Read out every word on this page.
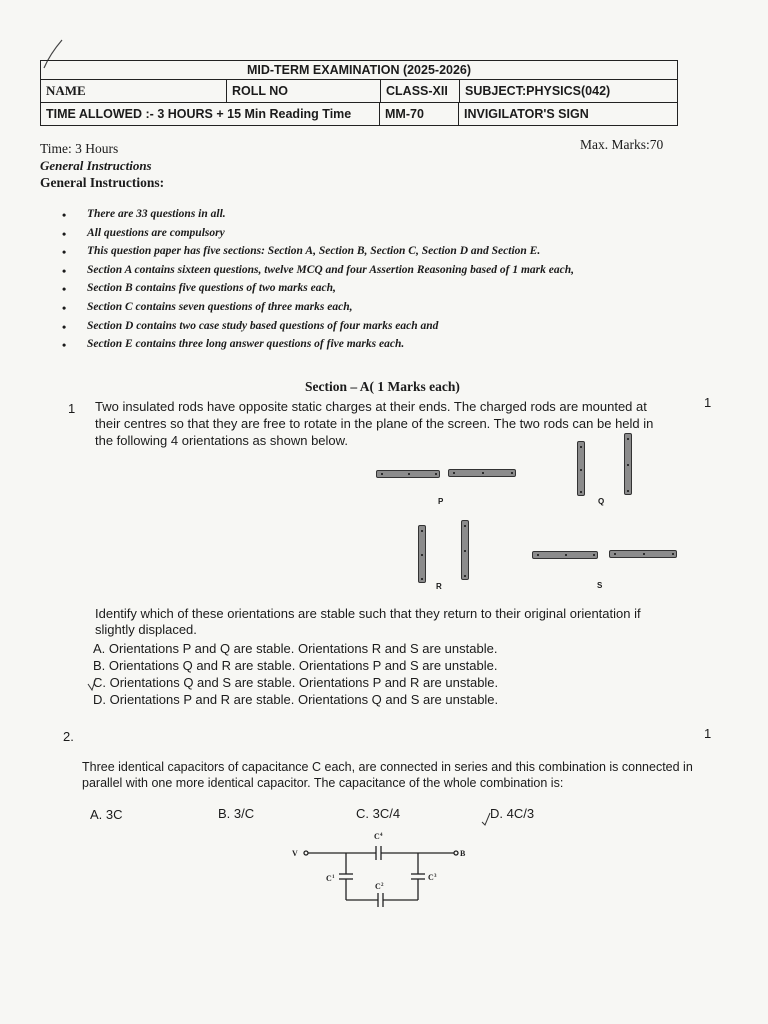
MID-TERM EXAMINATION (2025-2026)
NAME	ROLL NO	CLASS-XII	SUBJECT:PHYSICS(042)
TIME ALLOWED :- 3 HOURS + 15 Min Reading Time	MM-70	INVIGILATOR'S SIGN
Time: 3 Hours	Max. Marks:70
General Instructions
General Instructions:
• There are 33 questions in all.
• All questions are compulsory
• This question paper has five sections: Section A, Section B, Section C, Section D and Section E.
• Section A contains sixteen questions, twelve MCQ and four Assertion Reasoning based of 1 mark each,
• Section B contains five questions of two marks each,
• Section C contains seven questions of three marks each,
• Section D contains two case study based questions of four marks each and
• Section E contains three long answer questions of five marks each.
Section – A( 1 Marks each)
1	1
Two insulated rods have opposite static charges at their ends. The charged rods are mounted at
their centres so that they are free to rotate in the plane of the screen. The two rods can be held in
the following 4 orientations as shown below.
P	Q
R	S
Identify which of these orientations are stable such that they return to their original orientation if
slightly displaced.
A. Orientations P and Q are stable. Orientations R and S are unstable.
B. Orientations Q and R are stable. Orientations P and S are unstable.
C. Orientations Q and S are stable. Orientations P and R are unstable.
D. Orientations P and R are stable. Orientations Q and S are unstable.
2.	1
Three identical capacitors of capacitance C each, are connected in series and this combination is connected in
parallel with one more identical capacitor. The capacitance of the whole combination is:
A. 3C	B. 3/C	C. 3C/4	D. 4C/3
V	B
C 4
C 1
C 2
C 3
